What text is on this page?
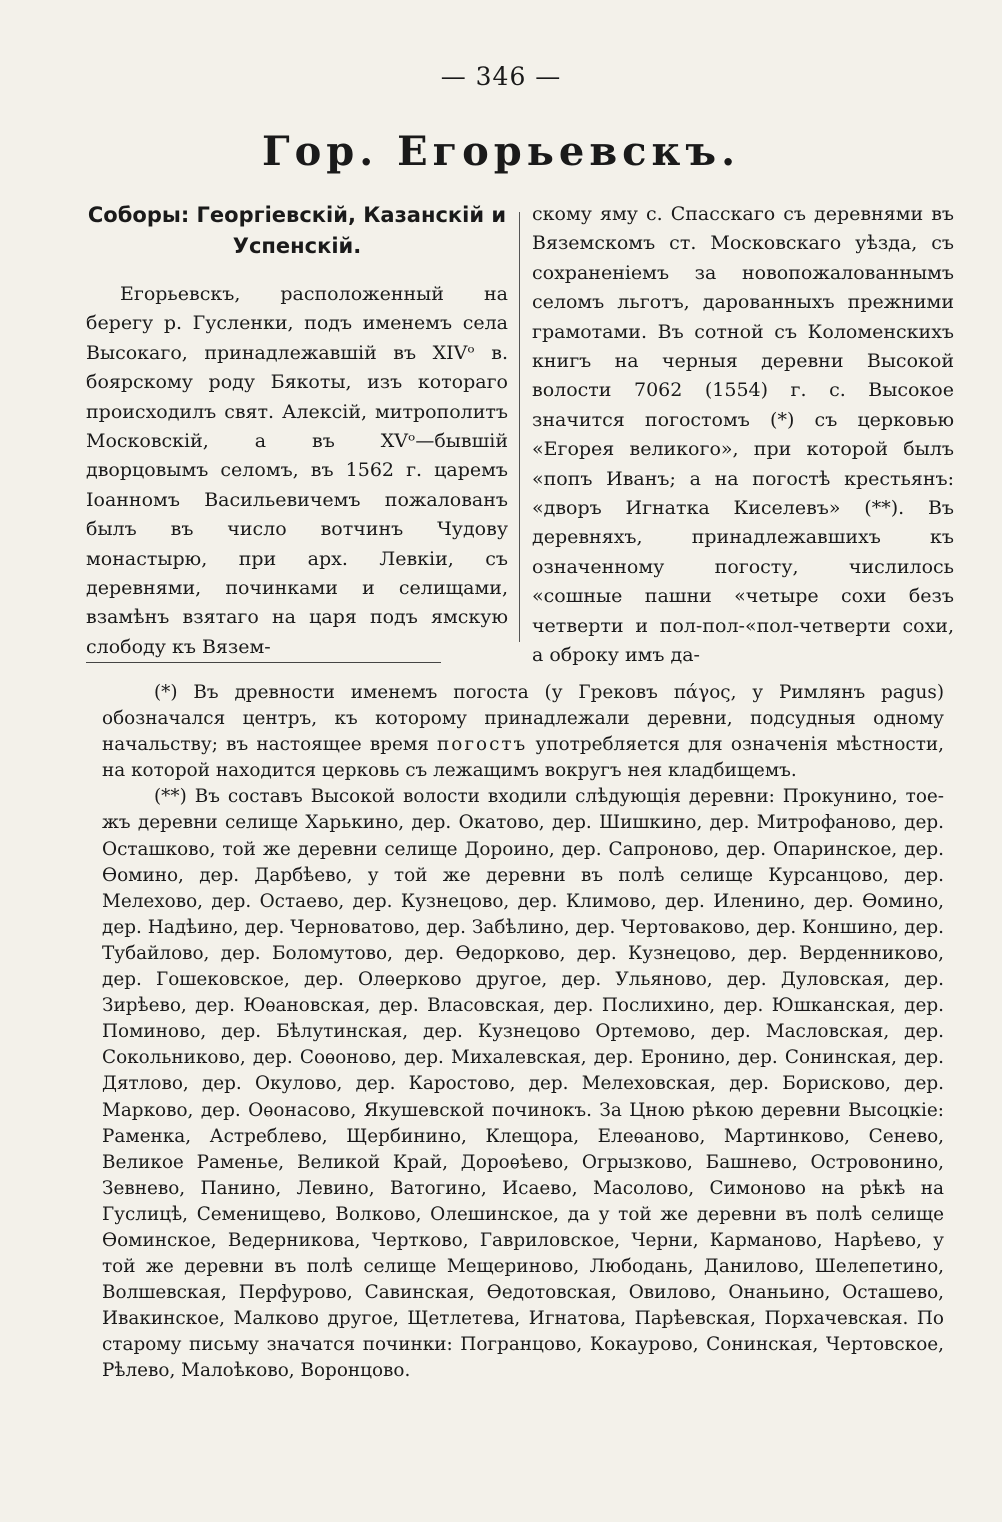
— 346 —
Гор. Егорьевскъ.
Соборы: Георгіевскій, Казанскій и Успенскій.

Егорьевскъ, расположенный на берегу р. Гусленки, подъ именемъ села Высокаго, принадлежавшій въ XIVᵒ в. боярскому роду Бякоты, изъ котораго происходилъ свят. Алексій, митрополитъ Московскій, а въ XVᵒ—бывшій дворцовымъ селомъ, въ 1562 г. царемъ Іоанномъ Васильевичемъ пожалованъ былъ въ число вотчинъ Чудову монастырю, при арх. Левкіи, съ деревнями, починками и селищами, взамѣнъ взятаго на царя подъ ямскую слободу къ Вязем-

скому яму с. Спасскаго съ деревнями въ Вяземскомъ ст. Московскаго уѣзда, съ сохраненіемъ за новопожалованнымъ селомъ льготъ, дарованныхъ прежними грамотами. Въ сотной съ Коломенскихъ книгъ на черныя деревни Высокой волости 7062 (1554) г. с. Высокое значится погостомъ (*) съ церковью «Егорея великого», при которой былъ «попъ Иванъ; а на погостѣ крестьянъ: «дворъ Игнатка Киселевъ» (**). Въ деревняхъ, принадлежавшихъ къ означенному погосту, числилось «сошные пашни «четыре сохи безъ четверти и пол-пол-«пол-четверти сохи, а оброку имъ да-

(*) Въ древности именемъ погоста (у Грековъ πάγος, у Римлянъ pagus) обозначался центръ, къ которому принадлежали деревни, подсудныя одному начальству; въ настоящее время погостъ употребляется для означенія мѣстности, на которой находится церковь съ лежащимъ вокругъ нея кладбищемъ.

(**) Въ составъ Высокой волости входили слѣдующія деревни: Прокунино, тое-жъ деревни селище Харькино, дер. Окатово, дер. Шишкино, дер. Митрофаново, дер. Осташково, той же деревни селище Дороино, дер. Сапроново, дер. Опаринское, дер. Ѳомино, дер. Дарбѣево, у той же деревни въ полѣ селище Курсанцово, дер. Мелехово, дер. Остаево, дер. Кузнецово, дер. Климово, дер. Иленино, дер. Ѳомино, дер. Надѣино, дер. Черноватово, дер. Забѣлино, дер. Чертоваково, дер. Коншино, дер. Тубайлово, дер. Боломутово, дер. Ѳедорково, дер. Кузнецово, дер. Верденниково, дер. Гошековское, дер. Олѳерково другое, дер. Ульяново, дер. Дуловская, дер. Зирѣево, дер. Юѳановская, дер. Власовская, дер. Послихино, дер. Юшканская, дер. Поминово, дер. Бѣлутинская, дер. Кузнецово Ортемово, дер. Масловская, дер. Сокольниково, дер. Соѳоново, дер. Михалевская, дер. Еронино, дер. Сонинская, дер. Дятлово, дер. Окулово, дер. Каростово, дер. Мелеховская, дер. Борисково, дер. Марково, дер. Оѳонасово, Якушевской починокъ. За Цною рѣкою деревни Высоцкіе: Раменка, Астреблево, Щербинино, Клещора, Елеѳаново, Мартинково, Сенево, Великое Раменье, Великой Край, Дороѳѣево, Огрызково, Башнево, Островонино, Зевнево, Панино, Левино, Ватогино, Исаево, Масолово, Симоново на рѣкѣ на Гуслицѣ, Семенищево, Волково, Олешинское, да у той же деревни въ полѣ селище Ѳоминское, Ведерникова, Чертково, Гавриловское, Черни, Карманово, Нарѣево, у той же деревни въ полѣ селище Мещериново, Любодань, Данилово, Шелепетино, Волшевская, Перфурово, Савинская, Ѳедотовская, Овилово, Онаньино, Осташево, Ивакинское, Малково другое, Щетлетева, Игнатова, Парѣевская, Порхачевская. По старому письму значатся починки: Погранцово, Кокаурово, Сонинская, Чертовское, Рѣлево, Малоѣково, Воронцово.
